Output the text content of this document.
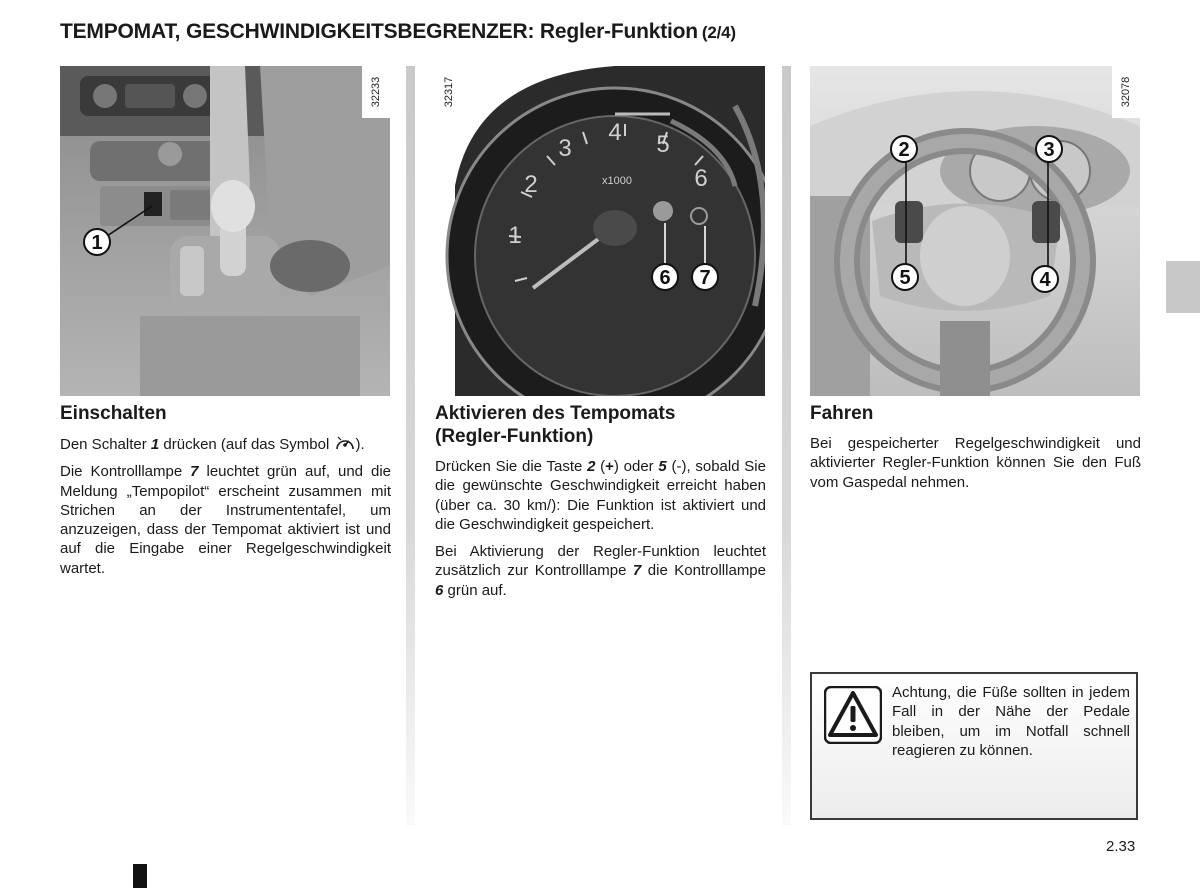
TEMPOMAT, GESCHWINDIGKEITSBEGRENZER: Regler-Funktion (2/4)
1
32233
1
2
3
4 5
6
x1000
6 7
32317
2	3
5	4
32078
Einschalten

Den Schalter 1 drücken (auf das Symbol ).

Die Kontrolllampe 7 leuchtet grün auf, und die Meldung „Tempopilot“ erscheint zusammen mit Strichen an der Instrumententafel, um anzuzeigen, dass der Tempomat aktiviert ist und auf die Eingabe einer Regelgeschwindigkeit wartet.

Aktivieren des Tempomats
(Regler-Funktion)

Drücken Sie die Taste 2 (+) oder 5 (-), sobald Sie die gewünschte Geschwindigkeit erreicht haben (über ca. 30 km/): Die Funktion ist aktiviert und die Geschwindigkeit gespeichert.

Bei Aktivierung der Regler-Funktion leuchtet zusätzlich zur Kontrolllampe 7 die Kontrolllampe 6 grün auf.

Fahren

Bei gespeicherter Regelgeschwindigkeit und aktivierter Regler-Funktion können Sie den Fuß vom Gaspedal nehmen.

Achtung, die Füße sollten in jedem Fall in der Nähe der Pedale bleiben, um im Notfall schnell reagieren zu können.
2.33
